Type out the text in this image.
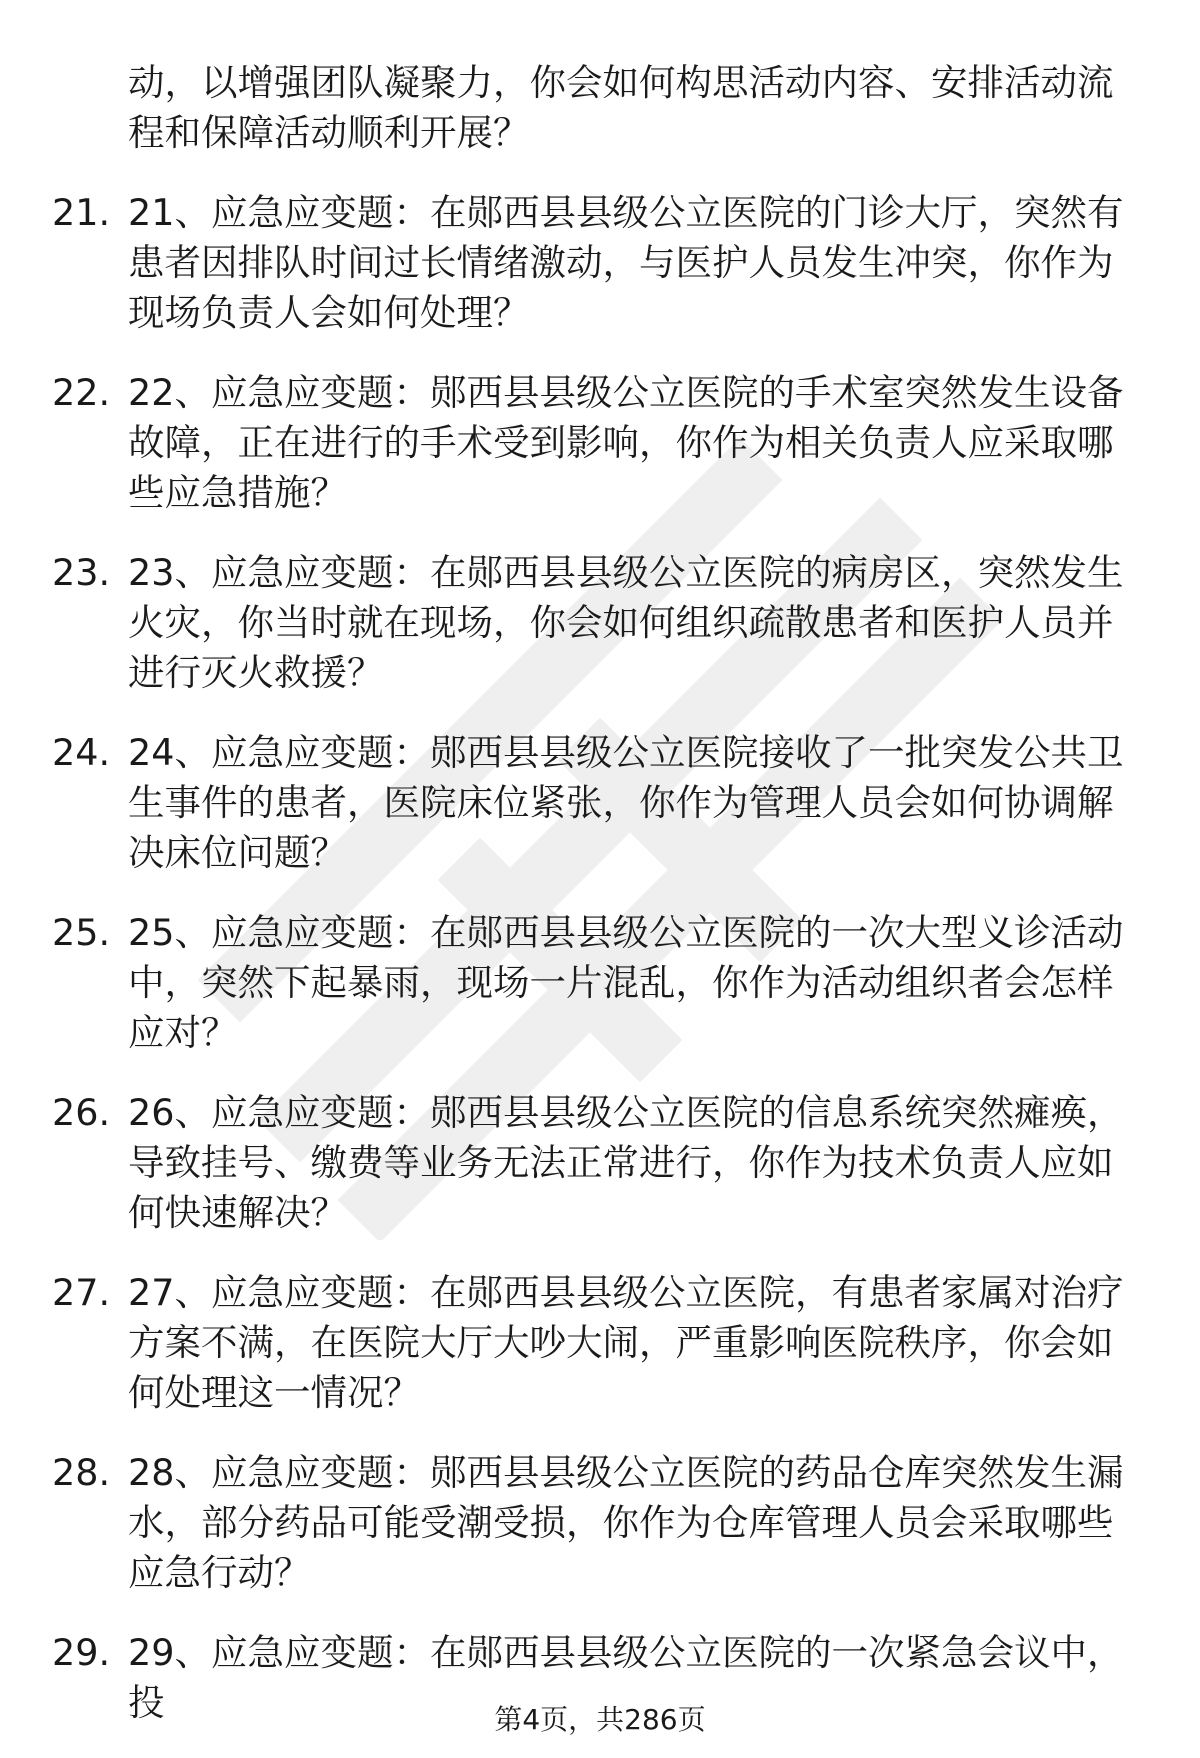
动，以增强团队凝聚力，你会如何构思活动内容、安排活动流程和保障活动顺利开展？

21. 21、应急应变题：在郧西县县级公立医院的门诊大厅，突然有患者因排队时间过长情绪激动，与医护人员发生冲突，你作为现场负责人会如何处理？
22. 22、应急应变题：郧西县县级公立医院的手术室突然发生设备故障，正在进行的手术受到影响，你作为相关负责人应采取哪些应急措施？
23. 23、应急应变题：在郧西县县级公立医院的病房区，突然发生火灾，你当时就在现场，你会如何组织疏散患者和医护人员并进行灭火救援？
24. 24、应急应变题：郧西县县级公立医院接收了一批突发公共卫生事件的患者，医院床位紧张，你作为管理人员会如何协调解决床位问题？
25. 25、应急应变题：在郧西县县级公立医院的一次大型义诊活动中，突然下起暴雨，现场一片混乱，你作为活动组织者会怎样应对？
26. 26、应急应变题：郧西县县级公立医院的信息系统突然瘫痪，导致挂号、缴费等业务无法正常进行，你作为技术负责人应如何快速解决？
27. 27、应急应变题：在郧西县县级公立医院，有患者家属对治疗方案不满，在医院大厅大吵大闹，严重影响医院秩序，你会如何处理这一情况？
28. 28、应急应变题：郧西县县级公立医院的药品仓库突然发生漏水，部分药品可能受潮受损，你作为仓库管理人员会采取哪些应急行动？
29. 29、应急应变题：在郧西县县级公立医院的一次紧急会议中，投	第4页，共286页
